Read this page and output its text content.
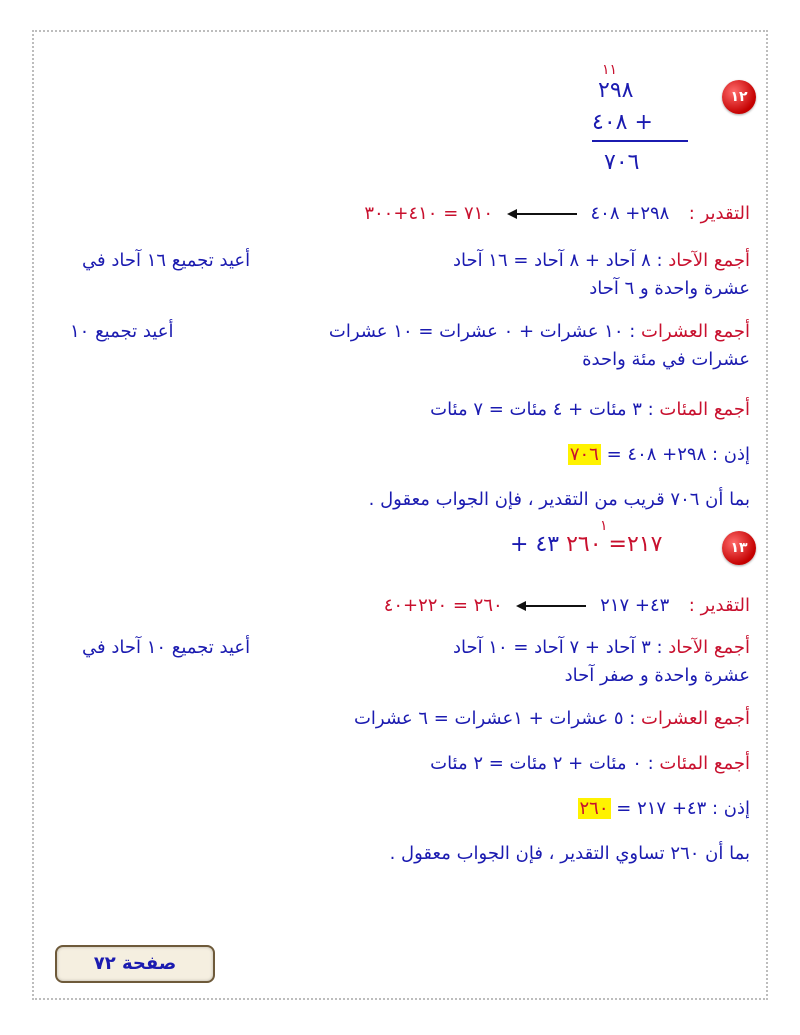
١٢
١١
٢٩٨
٤٠٨ +
٧٠٦
التقدير :  ٢٩٨+ ٤٠٨  ٧١٠ = ٤١٠+٣٠٠
أجمع الآحاد : ٨ آحاد + ٨ آحاد = ١٦ آحاد
أعيد تجميع ١٦ آحاد في
عشرة واحدة و ٦ آحاد
أجمع العشرات : ١٠ عشرات + ٠ عشرات = ١٠ عشرات
أعيد تجميع ١٠
عشرات في مئة واحدة
أجمع المئات : ٣ مئات + ٤ مئات = ٧ مئات
إذن : ٢٩٨+ ٤٠٨ = ٧٠٦
بما أن ٧٠٦ قريب من التقدير ، فإن الجواب معقول .
١٣
١
٢١٧= ٢٦٠ ٤٣ +
التقدير :  ٤٣+ ٢١٧  ٢٦٠ = ٢٢٠+٤٠
أجمع الآحاد : ٣ آحاد + ٧ آحاد = ١٠ آحاد
أعيد تجميع ١٠ آحاد في
عشرة واحدة و صفر آحاد
أجمع العشرات : ٥ عشرات + ١عشرات = ٦ عشرات
أجمع المئات : ٠ مئات + ٢ مئات = ٢ مئات
إذن : ٤٣+ ٢١٧ = ٢٦٠
بما أن ٢٦٠ تساوي التقدير ، فإن الجواب معقول .
صفحة ٧٢
